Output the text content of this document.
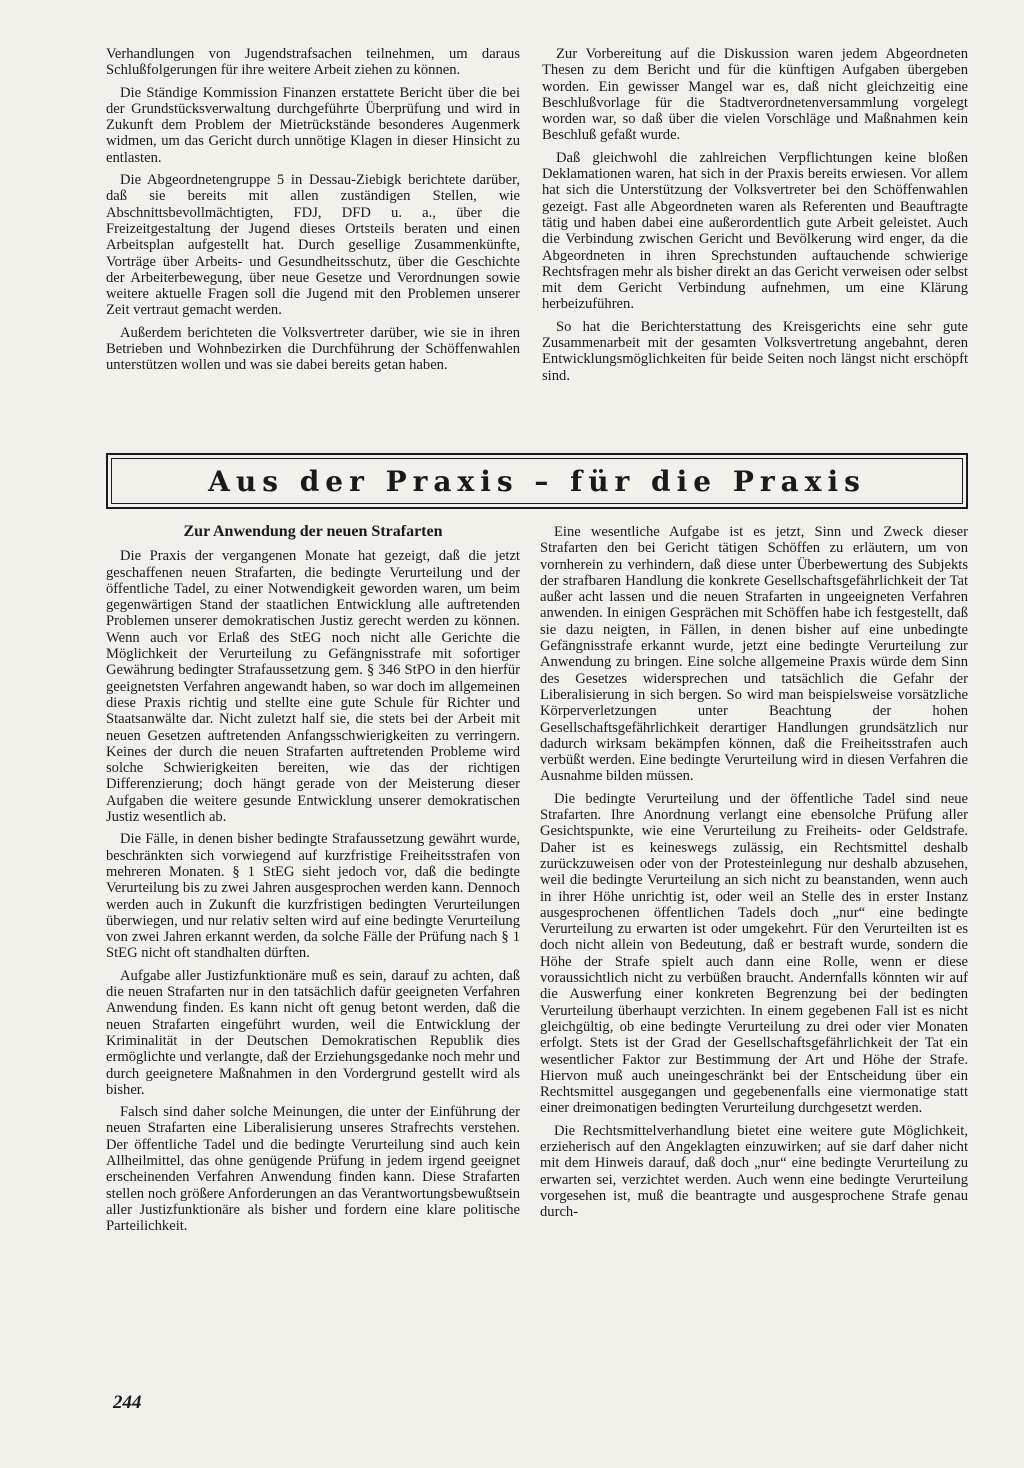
Verhandlungen von Jugendstrafsachen teilnehmen, um daraus Schlußfolgerungen für ihre weitere Arbeit ziehen zu können.

Die Ständige Kommission Finanzen erstattete Bericht über die bei der Grundstücksverwaltung durchgeführte Überprüfung und wird in Zukunft dem Problem der Mietrückstände besonderes Augenmerk widmen, um das Gericht durch unnötige Klagen in dieser Hinsicht zu entlasten.

Die Abgeordnetengruppe 5 in Dessau-Ziebigk berichtete darüber, daß sie bereits mit allen zuständigen Stellen, wie Abschnittsbevollmächtigten, FDJ, DFD u. a., über die Freizeitgestaltung der Jugend dieses Ortsteils beraten und einen Arbeitsplan aufgestellt hat. Durch gesellige Zusammenkünfte, Vorträge über Arbeits- und Gesundheitsschutz, über die Geschichte der Arbeiterbewegung, über neue Gesetze und Verordnungen sowie weitere aktuelle Fragen soll die Jugend mit den Problemen unserer Zeit vertraut gemacht werden.

Außerdem berichteten die Volksvertreter darüber, wie sie in ihren Betrieben und Wohnbezirken die Durchführung der Schöffenwahlen unterstützen wollen und was sie dabei bereits getan haben.

Zur Vorbereitung auf die Diskussion waren jedem Abgeordneten Thesen zu dem Bericht und für die künftigen Aufgaben übergeben worden. Ein gewisser Mangel war es, daß nicht gleichzeitig eine Beschlußvorlage für die Stadtverordnetenversammlung vorgelegt worden war, so daß über die vielen Vorschläge und Maßnahmen kein Beschluß gefaßt wurde.

Daß gleichwohl die zahlreichen Verpflichtungen keine bloßen Deklamationen waren, hat sich in der Praxis bereits erwiesen. Vor allem hat sich die Unterstützung der Volksvertreter bei den Schöffenwahlen gezeigt. Fast alle Abgeordneten waren als Referenten und Beauftragte tätig und haben dabei eine außerordentlich gute Arbeit geleistet. Auch die Verbindung zwischen Gericht und Bevölkerung wird enger, da die Abgeordneten in ihren Sprechstunden auftauchende schwierige Rechtsfragen mehr als bisher direkt an das Gericht verweisen oder selbst mit dem Gericht Verbindung aufnehmen, um eine Klärung herbeizuführen.

So hat die Berichterstattung des Kreisgerichts eine sehr gute Zusammenarbeit mit der gesamten Volksvertretung angebahnt, deren Entwicklungsmöglichkeiten für beide Seiten noch längst nicht erschöpft sind.

Aus der Praxis – für die Praxis
Zur Anwendung der neuen Strafarten

Die Praxis der vergangenen Monate hat gezeigt, daß die jetzt geschaffenen neuen Strafarten, die bedingte Verurteilung und der öffentliche Tadel, zu einer Notwendigkeit geworden waren, um beim gegenwärtigen Stand der staatlichen Entwicklung alle auftretenden Problemen unserer demokratischen Justiz gerecht werden zu können. Wenn auch vor Erlaß des StEG noch nicht alle Gerichte die Möglichkeit der Verurteilung zu Gefängnisstrafe mit sofortiger Gewährung bedingter Strafaussetzung gem. § 346 StPO in den hierfür geeignetsten Verfahren angewandt haben, so war doch im allgemeinen diese Praxis richtig und stellte eine gute Schule für Richter und Staatsanwälte dar. Nicht zuletzt half sie, die stets bei der Arbeit mit neuen Gesetzen auftretenden Anfangsschwierigkeiten zu verringern. Keines der durch die neuen Strafarten auftretenden Probleme wird solche Schwierigkeiten bereiten, wie das der richtigen Differenzierung; doch hängt gerade von der Meisterung dieser Aufgaben die weitere gesunde Entwicklung unserer demokratischen Justiz wesentlich ab.

Die Fälle, in denen bisher bedingte Strafaussetzung gewährt wurde, beschränkten sich vorwiegend auf kurzfristige Freiheitsstrafen von mehreren Monaten. § 1 StEG sieht jedoch vor, daß die bedingte Verurteilung bis zu zwei Jahren ausgesprochen werden kann. Dennoch werden auch in Zukunft die kurzfristigen bedingten Verurteilungen überwiegen, und nur relativ selten wird auf eine bedingte Verurteilung von zwei Jahren erkannt werden, da solche Fälle der Prüfung nach § 1 StEG nicht oft standhalten dürften.

Aufgabe aller Justizfunktionäre muß es sein, darauf zu achten, daß die neuen Strafarten nur in den tatsächlich dafür geeigneten Verfahren Anwendung finden. Es kann nicht oft genug betont werden, daß die neuen Strafarten eingeführt wurden, weil die Entwicklung der Kriminalität in der Deutschen Demokratischen Republik dies ermöglichte und verlangte, daß der Erziehungsgedanke noch mehr und durch geeignetere Maßnahmen in den Vordergrund gestellt wird als bisher.

Falsch sind daher solche Meinungen, die unter der Einführung der neuen Strafarten eine Liberalisierung unseres Strafrechts verstehen. Der öffentliche Tadel und die bedingte Verurteilung sind auch kein Allheilmittel, das ohne genügende Prüfung in jedem irgend geeignet erscheinenden Verfahren Anwendung finden kann. Diese Strafarten stellen noch größere Anforderungen an das Verantwortungsbewußtsein aller Justizfunktionäre als bisher und fordern eine klare politische Parteilichkeit.

Eine wesentliche Aufgabe ist es jetzt, Sinn und Zweck dieser Strafarten den bei Gericht tätigen Schöffen zu erläutern, um von vornherein zu verhindern, daß diese unter Überbewertung des Subjekts der strafbaren Handlung die konkrete Gesellschaftsgefährlichkeit der Tat außer acht lassen und die neuen Strafarten in ungeeigneten Verfahren anwenden. In einigen Gesprächen mit Schöffen habe ich festgestellt, daß sie dazu neigten, in Fällen, in denen bisher auf eine unbedingte Gefängnisstrafe erkannt wurde, jetzt eine bedingte Verurteilung zur Anwendung zu bringen. Eine solche allgemeine Praxis würde dem Sinn des Gesetzes widersprechen und tatsächlich die Gefahr der Liberalisierung in sich bergen. So wird man beispielsweise vorsätzliche Körperverletzungen unter Beachtung der hohen Gesellschaftsgefährlichkeit derartiger Handlungen grundsätzlich nur dadurch wirksam bekämpfen können, daß die Freiheitsstrafen auch verbüßt werden. Eine bedingte Verurteilung wird in diesen Verfahren die Ausnahme bilden müssen.

Die bedingte Verurteilung und der öffentliche Tadel sind neue Strafarten. Ihre Anordnung verlangt eine ebensolche Prüfung aller Gesichtspunkte, wie eine Verurteilung zu Freiheits- oder Geldstrafe. Daher ist es keineswegs zulässig, ein Rechtsmittel deshalb zurückzuweisen oder von der Protesteinlegung nur deshalb abzusehen, weil die bedingte Verurteilung an sich nicht zu beanstanden, wenn auch in ihrer Höhe unrichtig ist, oder weil an Stelle des in erster Instanz ausgesprochenen öffentlichen Tadels doch „nur“ eine bedingte Verurteilung zu erwarten ist oder umgekehrt. Für den Verurteilten ist es doch nicht allein von Bedeutung, daß er bestraft wurde, sondern die Höhe der Strafe spielt auch dann eine Rolle, wenn er diese voraussichtlich nicht zu verbüßen braucht. Andernfalls könnten wir auf die Auswerfung einer konkreten Begrenzung bei der bedingten Verurteilung überhaupt verzichten. In einem gegebenen Fall ist es nicht gleichgültig, ob eine bedingte Verurteilung zu drei oder vier Monaten erfolgt. Stets ist der Grad der Gesellschaftsgefährlichkeit der Tat ein wesentlicher Faktor zur Bestimmung der Art und Höhe der Strafe. Hiervon muß auch uneingeschränkt bei der Entscheidung über ein Rechtsmittel ausgegangen und gegebenenfalls eine viermonatige statt einer dreimonatigen bedingten Verurteilung durchgesetzt werden.

Die Rechtsmittelverhandlung bietet eine weitere gute Möglichkeit, erzieherisch auf den Angeklagten einzuwirken; auf sie darf daher nicht mit dem Hinweis darauf, daß doch „nur“ eine bedingte Verurteilung zu erwarten sei, verzichtet werden. Auch wenn eine bedingte Verurteilung vorgesehen ist, muß die beantragte und ausgesprochene Strafe genau durch-

244
